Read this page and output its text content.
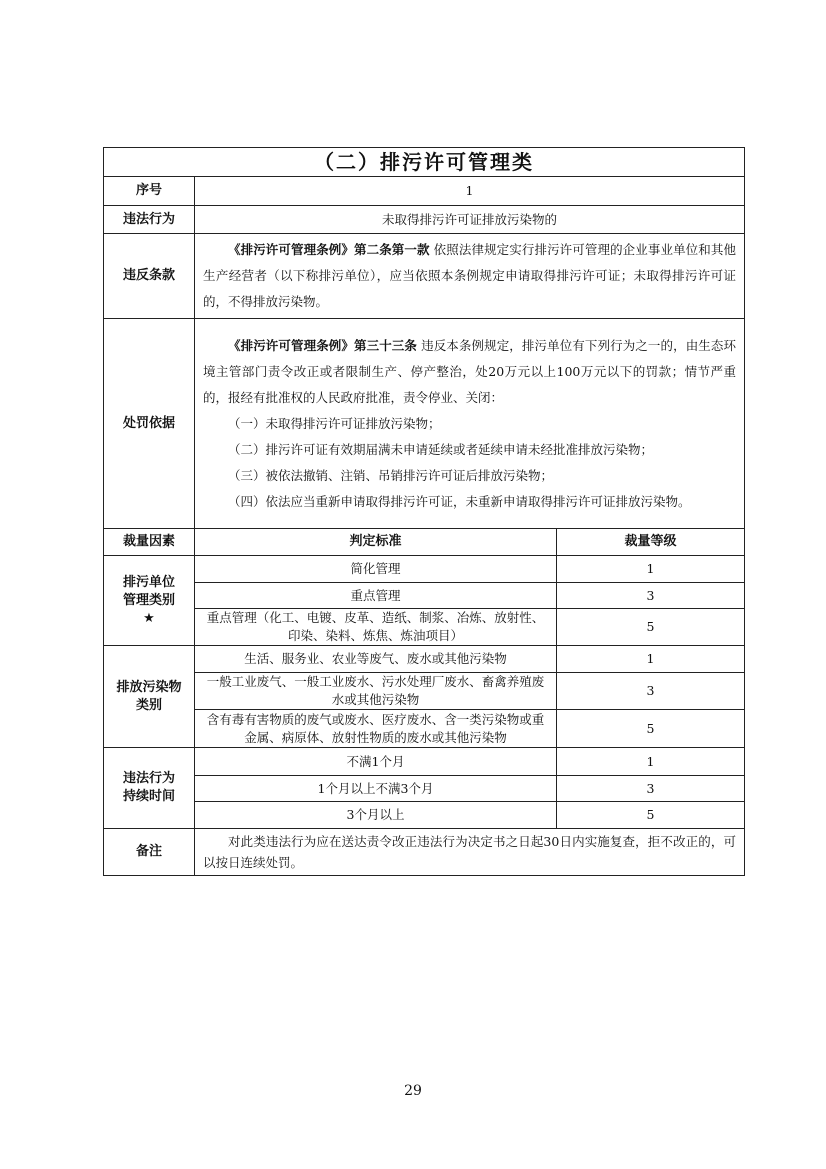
（二）排污许可管理类		
序号	1	
违法行为	未取得排污许可证排放污染物的	
违反条款	《排污许可管理条例》第二条第一款 依照法律规定实行排污许可管理的企业事业单位和其他生产经营者（以下称排污单位），应当依照本条例规定申请取得排污许可证；未取得排污许可证的，不得排放污染物。	

处罚依据	《排污许可管理条例》第三十三条 违反本条例规定，排污单位有下列行为之一的，由生态环境主管部门责令改正或者限制生产、停产整治，处20万元以上100万元以下的罚款；情节严重的，报经有批准权的人民政府批准，责令停业、关闭：

（一）未取得排污许可证排放污染物；

（二）排污许可证有效期届满未申请延续或者延续申请未经批准排放污染物；

（三）被依法撤销、注销、吊销排污许可证后排放污染物；

（四）依法应当重新申请取得排污许可证，未重新申请取得排污许可证排放污染物。	

裁量因素	判定标准	裁量等级

排污单位
管理类别
★	简化管理	1
	重点管理	3
	重点管理（化工、电镀、皮革、造纸、制浆、冶炼、放射性、印染、染料、炼焦、炼油项目）	5

排放污染物
类别	生活、服务业、农业等废气、废水或其他污染物	1
	一般工业废气、一般工业废水、污水处理厂废水、畜禽养殖废水或其他污染物	3
	含有毒有害物质的废气或废水、医疗废水、含一类污染物或重金属、病原体、放射性物质的废水或其他污染物	5

违法行为
持续时间	不满1个月	1
	1个月以上不满3个月	3
	3个月以上	5
备注	对此类违法行为应在送达责令改正违法行为决定书之日起30日内实施复查，拒不改正的，可以按日连续处罚。	

29
